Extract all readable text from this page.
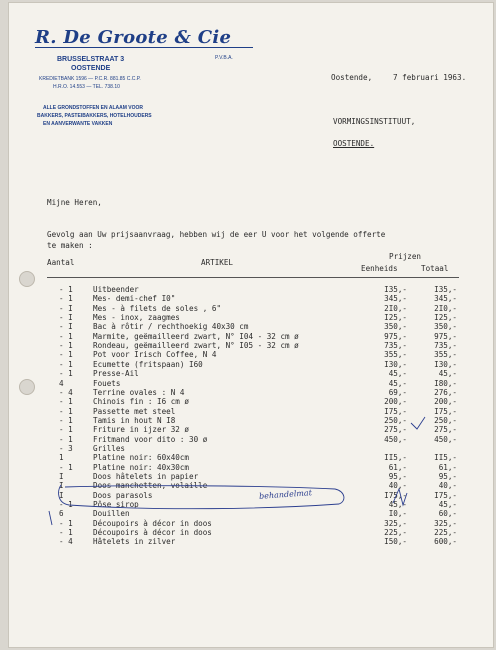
R. De Groote & Cie
P.V.B.A.
BRUSSELSTRAAT 3
OOSTENDE
KREDIETBANK 1596 — P.C.R. 881.85 C.C.P.
H.R.O. 14.553 — TEL. 738.10
ALLE GRONDSTOFFEN EN ALAAM VOOR
BAKKERS, PASTEIBAKKERS, HOTELHOUDERS
EN AANVERWANTE VAKKEN
Oostende,	7 februari 1963.
VORMINGSINSTITUUT,
OOSTENDE.
Mijne Heren,
Gevolg aan Uw prijsaanvraag, hebben wij de eer U voor het volgende offerte
te maken :
Aantal	ARTIKEL
Prijzen
Eenheids	Totaal
- 1	Uitbeender	I35,-	I35,-
- 1	Mes- demi-chef I0"	345,-	345,-
- I	Mes - à filets de soles , 6"	2I0,-	2I0,-
- I	Mes - inox, zaagmes	I25,-	I25,-
- I	Bac à rôtir / rechthoekig 40x30 cm	350,-	350,-
- 1	Marmite, geëmailleerd zwart, N° I04 - 32 cm ø	975,-	975,-
- 1	Rondeau, geëmailleerd zwart, N° I05 - 32 cm ø	735,-	735,-
- 1	Pot voor Irisch Coffee, N 4	355,-	355,-
- 1	Ecumette (fritspaan) I60	I30,-	I30,-
- 1	Presse-Ail	45,-	45,-
4	Fouets	45,-	I80,-
- 4	Terrine ovales : N 4	69,-	276,-
- 1	Chinois fin : I6 cm ø	200,-	200,-
- 1	Passette met steel	I75,-	I75,-
- 1	Tamis in hout N I8	250,-	250,-
- 1	Friture in ijzer 32 ø	275,-	275,-
- 1	Fritmand voor dito : 30 ø	450,-	450,-
- 3	Grilles
1	Platine noir: 60x40cm	II5,-	II5,-
- 1	Platine noir: 40x30cm	61,-	61,-
I	Doos hâtelets in papier	95,-	95,-
I	Doos manchetten, volaille	40,-	40,-
I	Doos parasols	I75,-	I75,-
- 1	Pôse sirop	45,-	45,-
6	Douillen	I0,-	60,-
- 1	Découpoirs à décor in doos	325,-	325,-
- 1	Découpoirs à décor in doos	225,-	225,-
- 4	Hâtelets in zilver	I50,-	600,-
behandelmat
